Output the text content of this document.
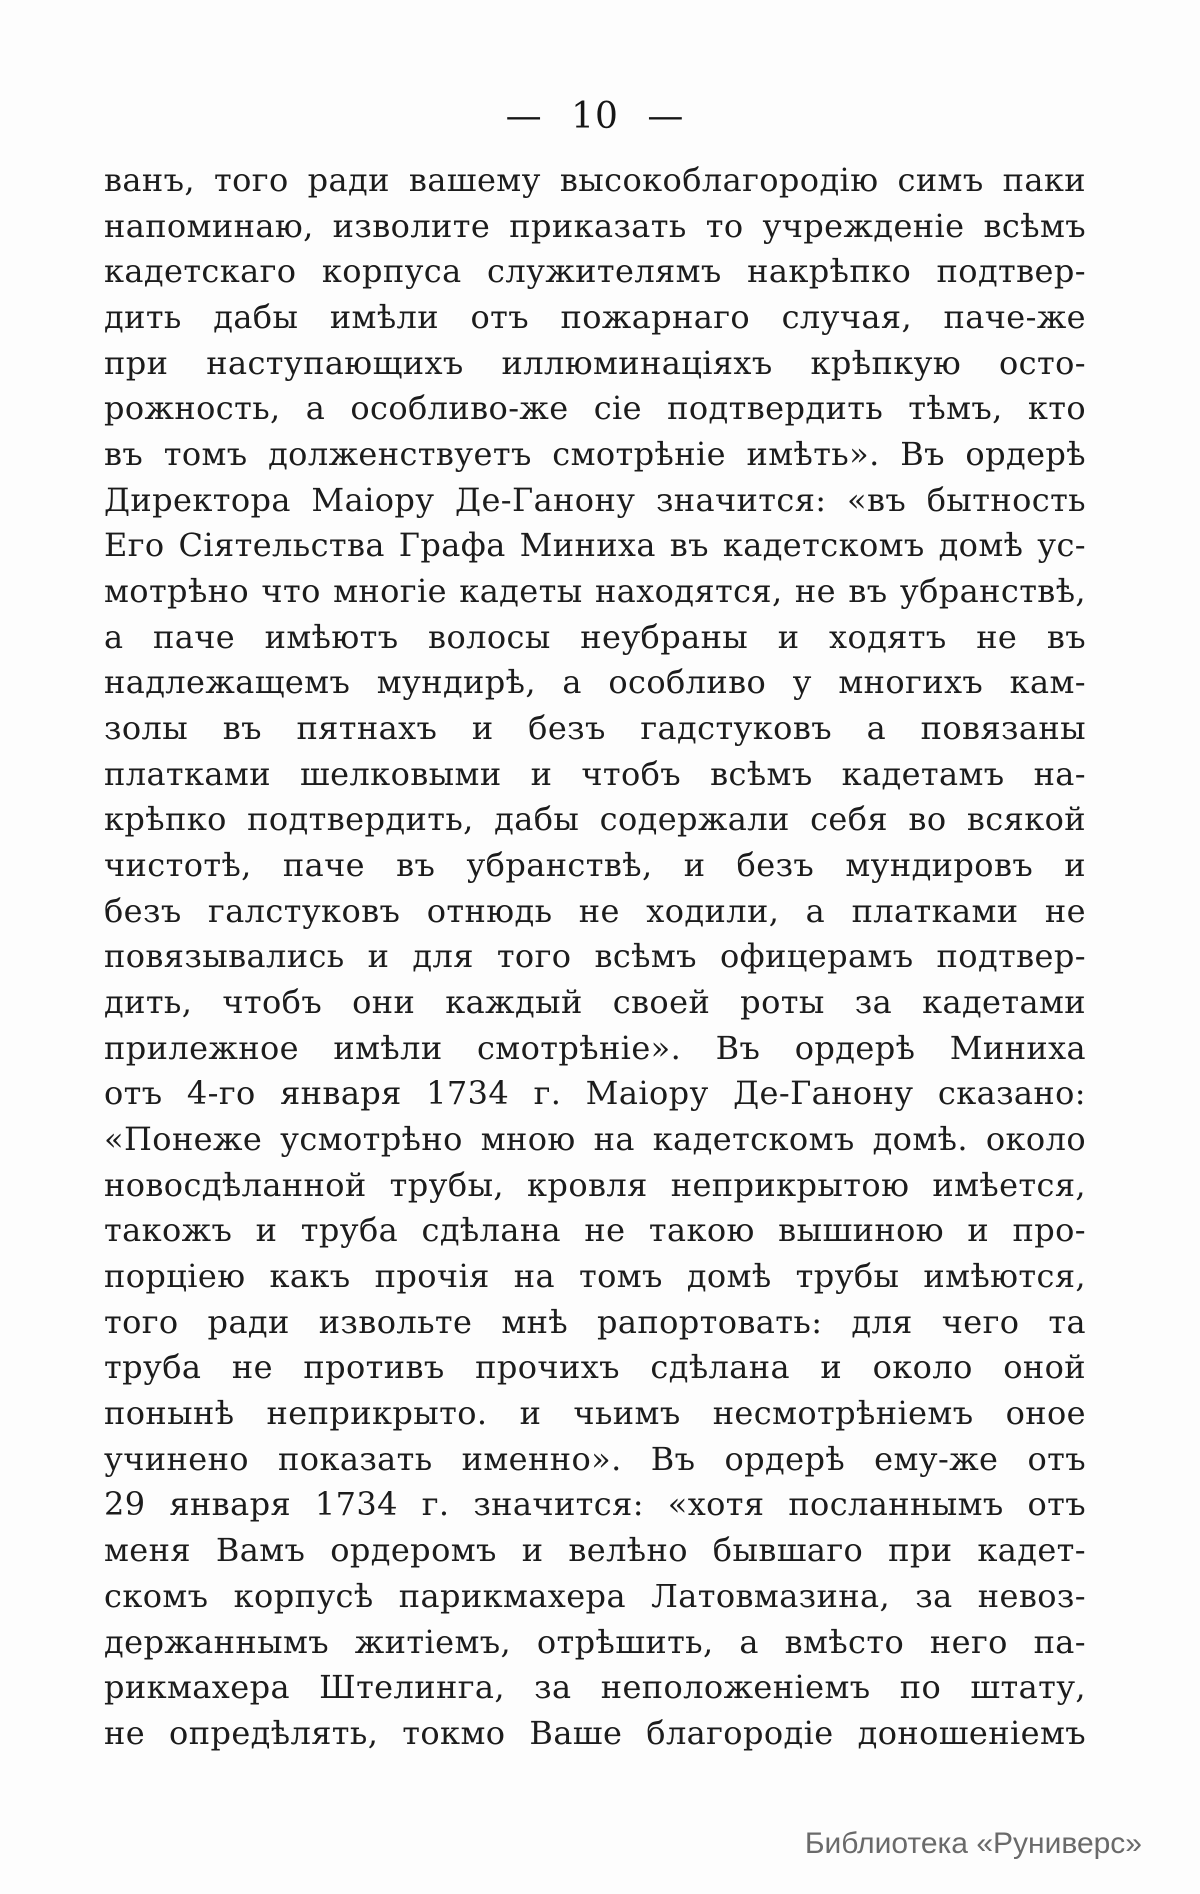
— 10 —
ванъ, того ради вашему высокоблагородію симъ паки
напоминаю, изволите приказать то учрежденіе всѣмъ
кадетскаго корпуса служителямъ накрѣпко подтвер-
дить дабы имѣли отъ пожарнаго случая, паче-же
при наступающихъ иллюминаціяхъ крѣпкую осто-
рожность, а особливо-же сіе подтвердить тѣмъ, кто
въ томъ долженствуетъ смотрѣніе имѣть». Въ ордерѣ
Директора Маіору Де-Ганону значится: «въ бытность
Его Сіятельства Графа Миниха въ кадетскомъ домѣ ус-
мотрѣно что многіе кадеты находятся, не въ убранствѣ,
а паче имѣютъ волосы неубраны и ходятъ не въ
надлежащемъ мундирѣ, а особливо у многихъ кам-
золы въ пятнахъ и безъ гадстуковъ а повязаны
платками шелковыми и чтобъ всѣмъ кадетамъ на-
крѣпко подтвердить, дабы содержали себя во всякой
чистотѣ, паче въ убранствѣ, и безъ мундировъ и
безъ галстуковъ отнюдь не ходили, а платками не
повязывались и для того всѣмъ офицерамъ подтвер-
дить, чтобъ они каждый своей роты за кадетами
прилежное имѣли смотрѣніе». Въ ордерѣ Миниха
отъ 4-го января 1734 г. Маіору Де-Ганону сказано:
«Понеже усмотрѣно мною на кадетскомъ домѣ. около
новосдѣланной трубы, кровля неприкрытою имѣется,
такожъ и труба сдѣлана не такою вышиною и про-
порціею какъ прочія на томъ домѣ трубы имѣются,
того ради извольте мнѣ рапортовать: для чего та
труба не противъ прочихъ сдѣлана и около оной
понынѣ неприкрыто. и чьимъ несмотрѣніемъ оное
учинено показать именно». Въ ордерѣ ему-же отъ
29 января 1734 г. значится: «хотя посланнымъ отъ
меня Вамъ ордеромъ и велѣно бывшаго при кадет-
скомъ корпусѣ парикмахера Латовмазина, за невоз-
держаннымъ житіемъ, отрѣшить, а вмѣсто него па-
рикмахера Штелинга, за неположеніемъ по штату,
не опредѣлять, токмо Ваше благородіе доношеніемъ
Библиотека «Руниверс»
